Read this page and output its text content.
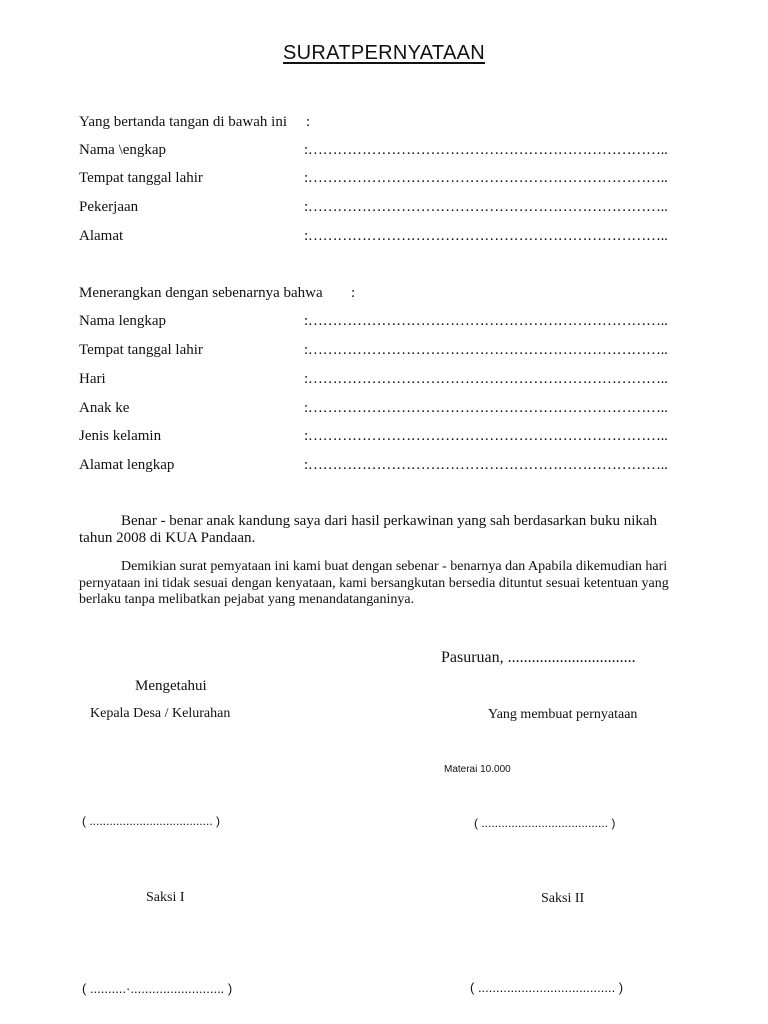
SURATPERNYATAAN
Yang bertanda tangan di bawah ini :
Nama \engkap	:………………………………………………………………..
Tempat tanggal lahir	:………………………………………………………………..
Pekerjaan	:………………………………………………………………..
Alamat	:………………………………………………………………..
Menerangkan dengan sebenarnya bahwa :
Nama lengkap	:………………………………………………………………..
Tempat tanggal lahir	:………………………………………………………………..
Hari	:………………………………………………………………..
Anak ke	:………………………………………………………………..
Jenis kelamin	:………………………………………………………………..
Alamat lengkap	:………………………………………………………………..
Benar - benar anak kandung saya dari hasil perkawinan yang sah berdasarkan buku nikah tahun 2008 di KUA Pandaan.
Demikian surat pemyataan ini kami buat dengan sebenar - benarnya dan Apabila dikemudian hari pernyataan ini tidak sesuai dengan kenyataan, kami bersangkutan bersedia dituntut sesuai ketentuan yang berlaku tanpa melibatkan pejabat yang menandatanganinya.
Pasuruan, ................................
Mengetahui
Kepala Desa / Kelurahan	Yang membuat pernyataan
Materai 10.000
( ..................................... )	( ...................................... )
Saksi I	Saksi II
( ..........·.......................... )	( ...................................... )
